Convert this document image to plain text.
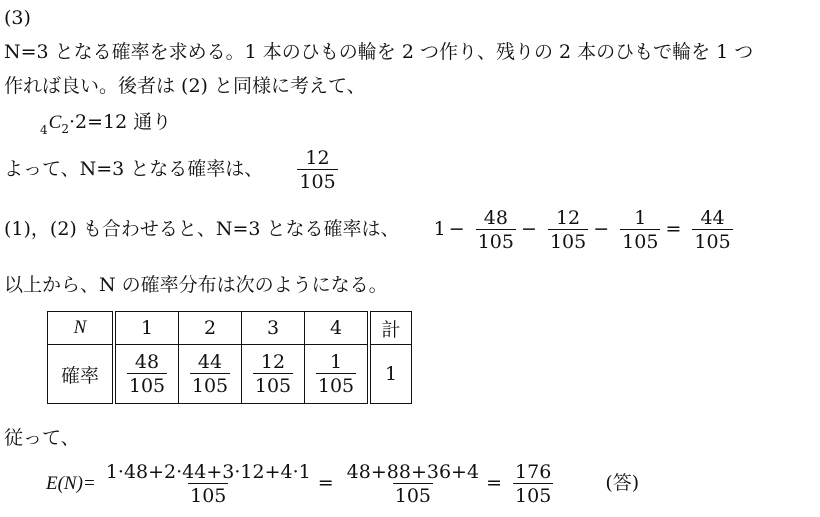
(3)
N=3 となる確率を求める。1 本のひもの輪を 2 つ作り、残りの 2 本のひもで輪を 1 つ
作れば良い。後者は (2) と同様に考えて、
$_4C_2\cdot 2=12$ 通り
よって、N=3 となる確率は、 $\frac{12}{105}$
(1)，(2) も合わせると、N=3 となる確率は、 $1 - \frac{48}{105} - \frac{12}{105} - \frac{1}{105} = \frac{44}{105}$
以上から、N の確率分布は次のようになる。
N	1	2	3	4	計
確率	$\frac{48}{105}$	$\frac{44}{105}$	$\frac{12}{105}$	$\frac{1}{105}$	1
従って、
$E(N)= \frac{1\cdot 48+2\cdot 44+3\cdot 12+4\cdot 1}{105} = \frac{48+88+36+4}{105} = \frac{176}{105}$	(答)
